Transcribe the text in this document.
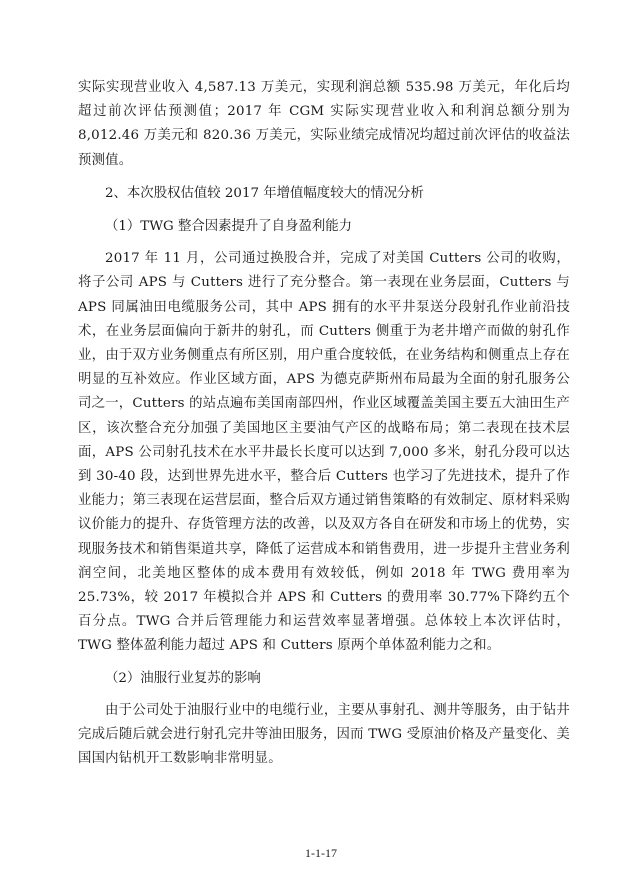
实际实现营业收入 4,587.13 万美元，实现利润总额 535.98 万美元，年化后均超过前次评估预测值；2017 年 CGM 实际实现营业收入和利润总额分别为 8,012.46 万美元和 820.36 万美元，实际业绩完成情况均超过前次评估的收益法预测值。

2、本次股权估值较 2017 年增值幅度较大的情况分析

（1）TWG 整合因素提升了自身盈利能力

2017 年 11 月，公司通过换股合并，完成了对美国 Cutters 公司的收购，将子公司 APS 与 Cutters 进行了充分整合。第一表现在业务层面，Cutters 与 APS 同属油田电缆服务公司，其中 APS 拥有的水平井泵送分段射孔作业前沿技术，在业务层面偏向于新井的射孔，而 Cutters 侧重于为老井增产而做的射孔作业，由于双方业务侧重点有所区别，用户重合度较低，在业务结构和侧重点上存在明显的互补效应。作业区域方面，APS 为德克萨斯州布局最为全面的射孔服务公司之一，Cutters 的站点遍布美国南部四州，作业区域覆盖美国主要五大油田生产区，该次整合充分加强了美国地区主要油气产区的战略布局；第二表现在技术层面，APS 公司射孔技术在水平井最长长度可以达到 7,000 多米，射孔分段可以达到 30-40 段，达到世界先进水平，整合后 Cutters 也学习了先进技术，提升了作业能力；第三表现在运营层面，整合后双方通过销售策略的有效制定、原材料采购议价能力的提升、存货管理方法的改善，以及双方各自在研发和市场上的优势，实现服务技术和销售渠道共享，降低了运营成本和销售费用，进一步提升主营业务利润空间，北美地区整体的成本费用有效较低，例如 2018 年 TWG 费用率为 25.73%，较 2017 年模拟合并 APS 和 Cutters 的费用率 30.77%下降约五个百分点。TWG 合并后管理能力和运营效率显著增强。总体较上本次评估时，TWG 整体盈利能力超过 APS 和 Cutters 原两个单体盈利能力之和。

（2）油服行业复苏的影响

由于公司处于油服行业中的电缆行业，主要从事射孔、测井等服务，由于钻井完成后随后就会进行射孔完井等油田服务，因而 TWG 受原油价格及产量变化、美国国内钻机开工数影响非常明显。

1-1-17
